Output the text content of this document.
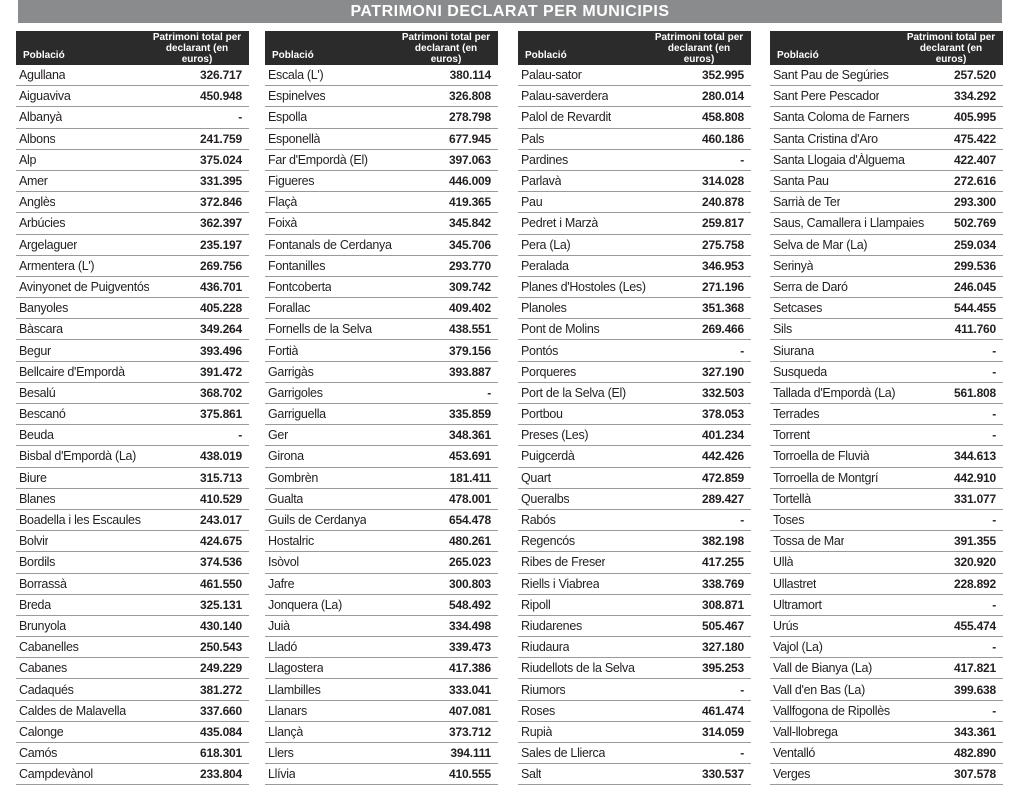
PATRIMONI DECLARAT PER MUNICIPIS
Població
Patrimoni total per
declarant (en euros)
Agullana	326.717
Aiguaviva	450.948
Albanyà	-
Albons	241.759
Alp	375.024
Amer	331.395
Anglès	372.846
Arbúcies	362.397
Argelaguer	235.197
Armentera (L')	269.756
Avinyonet de Puigventós	436.701
Banyoles	405.228
Bàscara	349.264
Begur	393.496
Bellcaire d'Empordà	391.472
Besalú	368.702
Bescanó	375.861
Beuda	-
Bisbal d'Empordà (La)	438.019
Biure	315.713
Blanes	410.529
Boadella i les Escaules	243.017
Bolvir	424.675
Bordils	374.536
Borrassà	461.550
Breda	325.131
Brunyola	430.140
Cabanelles	250.543
Cabanes	249.229
Cadaqués	381.272
Caldes de Malavella	337.660
Calonge	435.084
Camós	618.301
Campdevànol	233.804
Població
Patrimoni total per
declarant (en euros)
Escala (L')	380.114
Espinelves	326.808
Espolla	278.798
Esponellà	677.945
Far d'Empordà (El)	397.063
Figueres	446.009
Flaçà	419.365
Foixà	345.842
Fontanals de Cerdanya	345.706
Fontanilles	293.770
Fontcoberta	309.742
Forallac	409.402
Fornells de la Selva	438.551
Fortià	379.156
Garrigàs	393.887
Garrigoles	-
Garriguella	335.859
Ger	348.361
Girona	453.691
Gombrèn	181.411
Gualta	478.001
Guils de Cerdanya	654.478
Hostalric	480.261
Isòvol	265.023
Jafre	300.803
Jonquera (La)	548.492
Juià	334.498
Lladó	339.473
Llagostera	417.386
Llambilles	333.041
Llanars	407.081
Llançà	373.712
Llers	394.111
Llívia	410.555
Població
Patrimoni total per
declarant (en euros)
Palau-sator	352.995
Palau-saverdera	280.014
Palol de Revardit	458.808
Pals	460.186
Pardines	-
Parlavà	314.028
Pau	240.878
Pedret i Marzà	259.817
Pera (La)	275.758
Peralada	346.953
Planes d'Hostoles (Les)	271.196
Planoles	351.368
Pont de Molins	269.466
Pontós	-
Porqueres	327.190
Port de la Selva (El)	332.503
Portbou	378.053
Preses (Les)	401.234
Puigcerdà	442.426
Quart	472.859
Queralbs	289.427
Rabós	-
Regencós	382.198
Ribes de Freser	417.255
Riells i Viabrea	338.769
Ripoll	308.871
Riudarenes	505.467
Riudaura	327.180
Riudellots de la Selva	395.253
Riumors	-
Roses	461.474
Rupià	314.059
Sales de Llierca	-
Salt	330.537
Població
Patrimoni total per
declarant (en euros)
Sant Pau de Segúries	257.520
Sant Pere Pescador	334.292
Santa Coloma de Farners	405.995
Santa Cristina d'Aro	475.422
Santa Llogaia d'Àlguema	422.407
Santa Pau	272.616
Sarrià de Ter	293.300
Saus, Camallera i Llampaies	502.769
Selva de Mar (La)	259.034
Serinyà	299.536
Serra de Daró	246.045
Setcases	544.455
Sils	411.760
Siurana	-
Susqueda	-
Tallada d'Empordà (La)	561.808
Terrades	-
Torrent	-
Torroella de Fluvià	344.613
Torroella de Montgrí	442.910
Tortellà	331.077
Toses	-
Tossa de Mar	391.355
Ullà	320.920
Ullastret	228.892
Ultramort	-
Urús	455.474
Vajol (La)	-
Vall de Bianya (La)	417.821
Vall d'en Bas (La)	399.638
Vallfogona de Ripollès	-
Vall-llobrega	343.361
Ventalló	482.890
Verges	307.578
